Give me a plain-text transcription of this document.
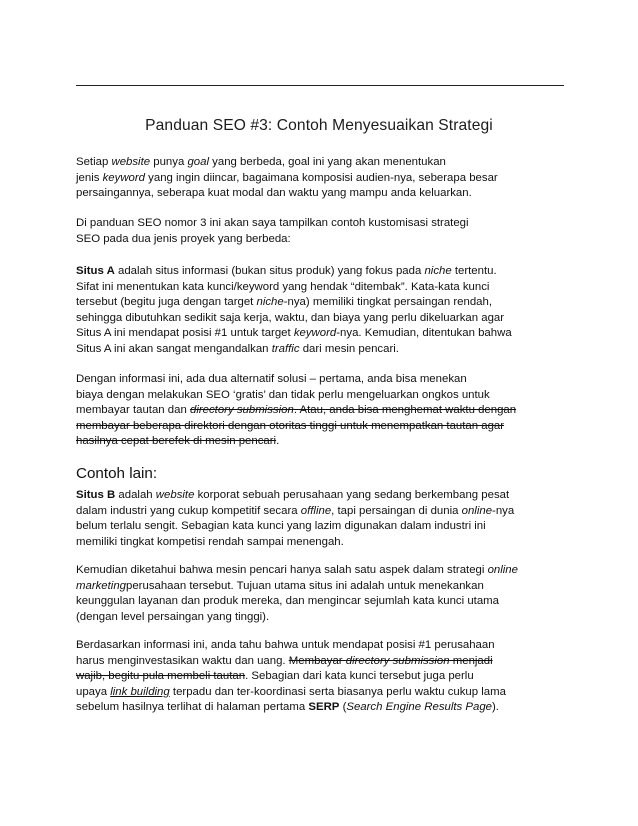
Panduan SEO #3: Contoh Menyesuaikan Strategi
Setiap website punya goal yang berbeda, goal ini yang akan menentukan
jenis keyword yang ingin diincar, bagaimana komposisi audien-nya, seberapa besar
persaingannya, seberapa kuat modal dan waktu yang mampu anda keluarkan.
Di panduan SEO nomor 3 ini akan saya tampilkan contoh kustomisasi strategi
SEO pada dua jenis proyek yang berbeda:
Situs A adalah situs informasi (bukan situs produk) yang fokus pada niche tertentu.
Sifat ini menentukan kata kunci/keyword yang hendak “ditembak”. Kata-kata kunci
tersebut (begitu juga dengan target niche-nya) memiliki tingkat persaingan rendah,
sehingga dibutuhkan sedikit saja kerja, waktu, dan biaya yang perlu dikeluarkan agar
Situs A ini mendapat posisi #1 untuk target keyword-nya. Kemudian, ditentukan bahwa
Situs A ini akan sangat mengandalkan traffic dari mesin pencari.
Dengan informasi ini, ada dua alternatif solusi – pertama, anda bisa menekan
biaya dengan melakukan SEO ‘gratis’ dan tidak perlu mengeluarkan ongkos untuk
membayar tautan dan directory submission. Atau, anda bisa menghemat waktu dengan
membayar beberapa direktori dengan otoritas tinggi untuk menempatkan tautan agar
hasilnya cepat berefek di mesin pencari.
Contoh lain:
Situs B adalah website korporat sebuah perusahaan yang sedang berkembang pesat
dalam industri yang cukup kompetitif secara offline, tapi persaingan di dunia online-nya
belum terlalu sengit. Sebagian kata kunci yang lazim digunakan dalam industri ini
memiliki tingkat kompetisi rendah sampai menengah.
Kemudian diketahui bahwa mesin pencari hanya salah satu aspek dalam strategi online
marketingperusahaan tersebut. Tujuan utama situs ini adalah untuk menekankan
keunggulan layanan dan produk mereka, dan mengincar sejumlah kata kunci utama
(dengan level persaingan yang tinggi).
Berdasarkan informasi ini, anda tahu bahwa untuk mendapat posisi #1 perusahaan
harus menginvestasikan waktu dan uang. Membayar directory submission menjadi
wajib, begitu pula membeli tautan. Sebagian dari kata kunci tersebut juga perlu
upaya link building terpadu dan ter-koordinasi serta biasanya perlu waktu cukup lama
sebelum hasilnya terlihat di halaman pertama SERP (Search Engine Results Page).
